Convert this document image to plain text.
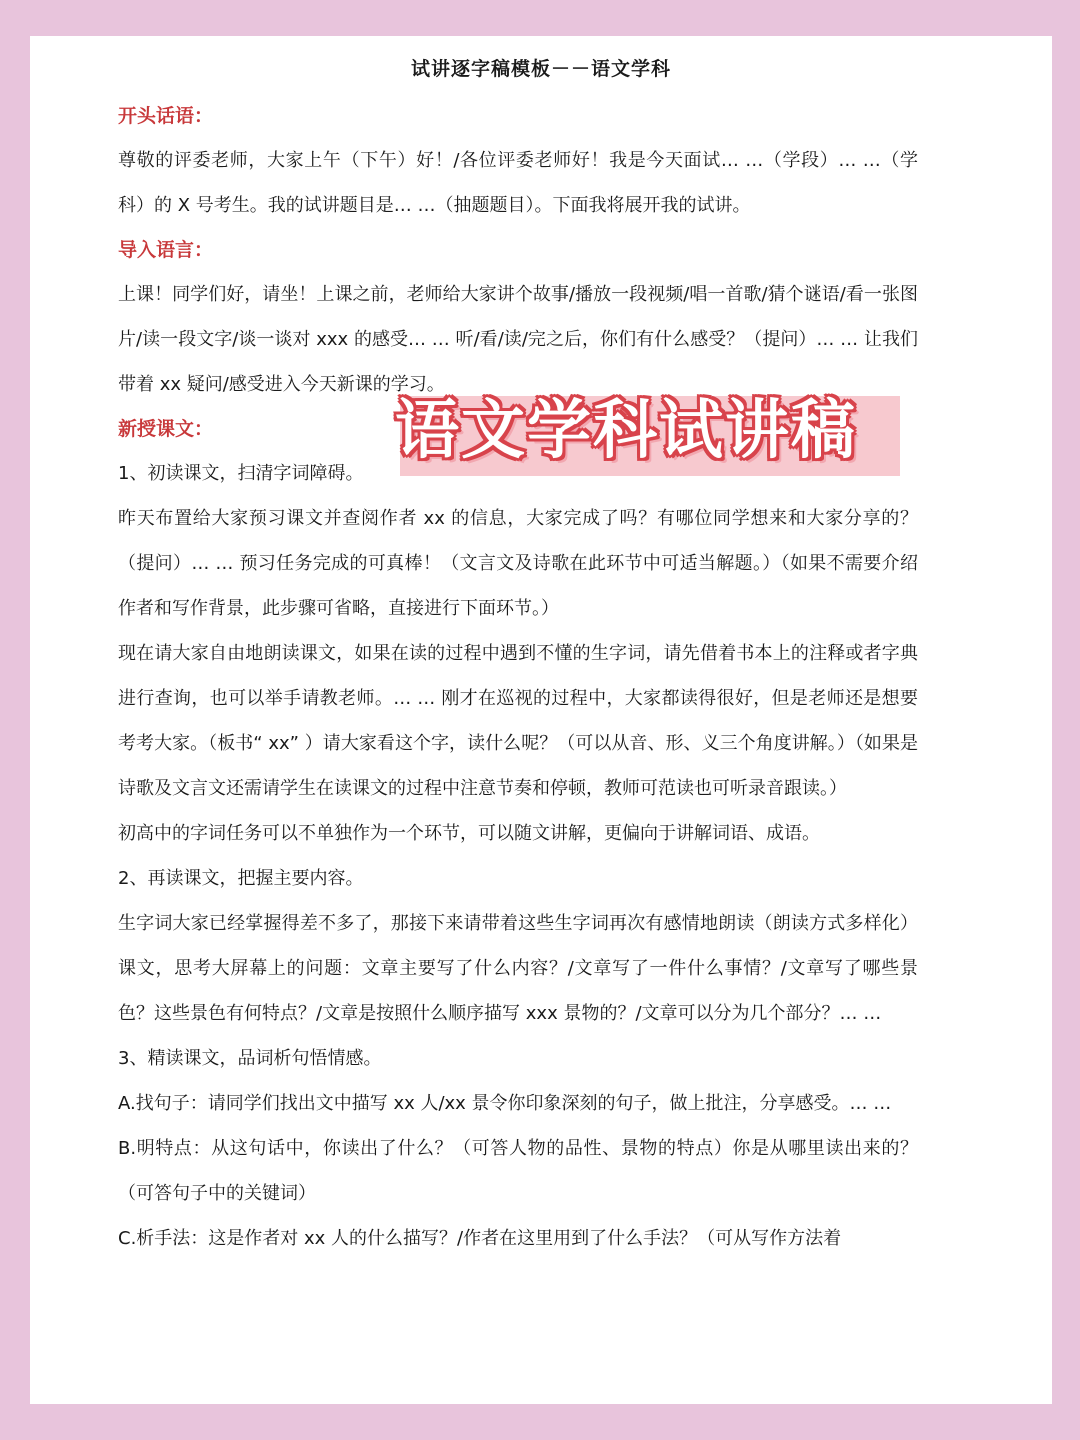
试讲逐字稿模板－－语文学科

开头话语：

尊敬的评委老师，大家上午（下午）好！/各位评委老师好！我是今天面试… …（学段）… …（学科）的 X 号考生。我的试讲题目是… …（抽题题目）。下面我将展开我的试讲。

导入语言：

上课！同学们好，请坐！上课之前，老师给大家讲个故事/播放一段视频/唱一首歌/猜个谜语/看一张图片/读一段文字/谈一谈对 xxx 的感受… … 听/看/读/完之后，你们有什么感受？（提问）… … 让我们带着 xx 疑问/感受进入今天新课的学习。

新授课文：

1、初读课文，扫清字词障碍。

昨天布置给大家预习课文并查阅作者 xx 的信息，大家完成了吗？有哪位同学想来和大家分享的？（提问）… … 预习任务完成的可真棒！（文言文及诗歌在此环节中可适当解题。）（如果不需要介绍作者和写作背景，此步骤可省略，直接进行下面环节。）

现在请大家自由地朗读课文，如果在读的过程中遇到不懂的生字词，请先借着书本上的注释或者字典进行查询，也可以举手请教老师。… … 刚才在巡视的过程中，大家都读得很好，但是老师还是想要考考大家。（板书“ xx” ）请大家看这个字，读什么呢？（可以从音、形、义三个角度讲解。）（如果是诗歌及文言文还需请学生在读课文的过程中注意节奏和停顿，教师可范读也可听录音跟读。）

初高中的字词任务可以不单独作为一个环节，可以随文讲解，更偏向于讲解词语、成语。

2、再读课文，把握主要内容。

生字词大家已经掌握得差不多了，那接下来请带着这些生字词再次有感情地朗读（朗读方式多样化）课文，思考大屏幕上的问题：文章主要写了什么内容？/文章写了一件什么事情？/文章写了哪些景色？这些景色有何特点？/文章是按照什么顺序描写 xxx 景物的？/文章可以分为几个部分？… …

3、精读课文，品词析句悟情感。

A.找句子：请同学们找出文中描写 xx 人/xx 景令你印象深刻的句子，做上批注，分享感受。… …

B.明特点：从这句话中，你读出了什么？（可答人物的品性、景物的特点）你是从哪里读出来的？（可答句子中的关键词）

C.析手法：这是作者对 xx 人的什么描写？/作者在这里用到了什么手法？（可从写作方法着

语文学科试讲稿
